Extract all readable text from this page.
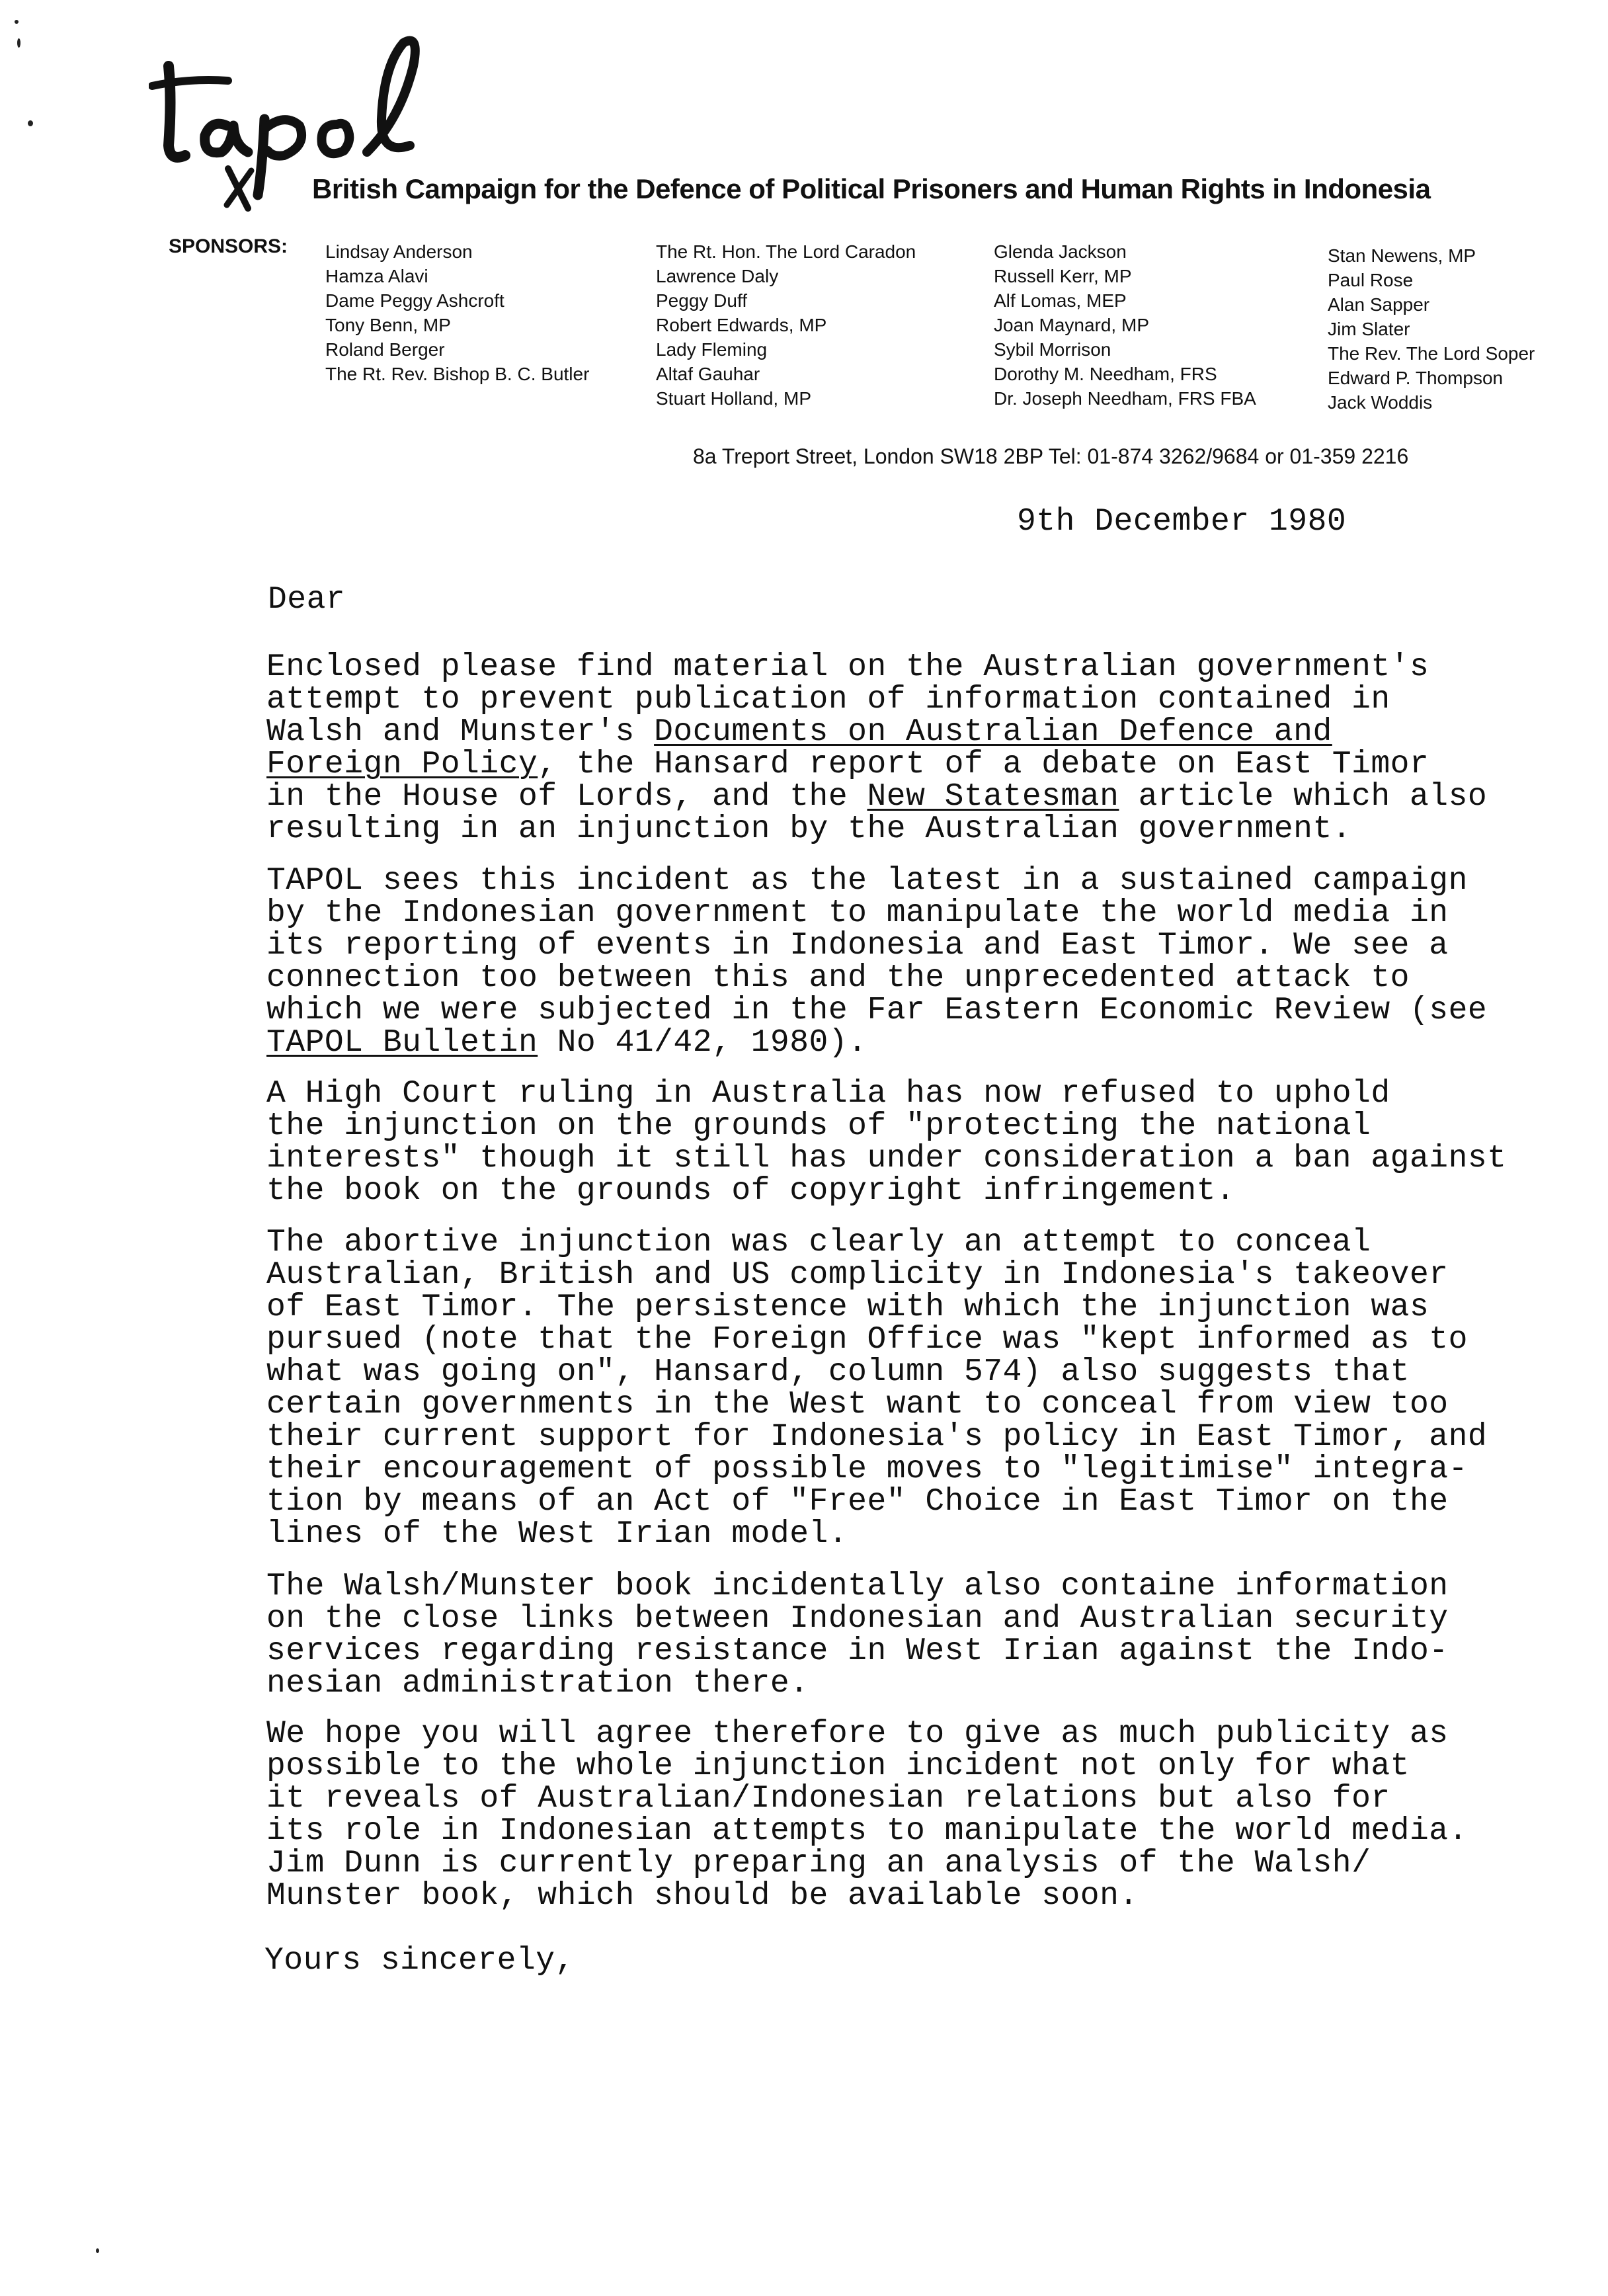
British Campaign for the Defence of Political Prisoners and Human Rights in Indonesia
SPONSORS: Lindsay Anderson
Hamza Alavi
Dame Peggy Ashcroft
Tony Benn, MP
Roland Berger
The Rt. Rev. Bishop B. C. Butler
The Rt. Hon. The Lord Caradon
Lawrence Daly
Peggy Duff
Robert Edwards, MP
Lady Fleming
Altaf Gauhar
Stuart Holland, MP
Glenda Jackson
Russell Kerr, MP
Alf Lomas, MEP
Joan Maynard, MP
Sybil Morrison
Dorothy M. Needham, FRS
Dr. Joseph Needham, FRS FBA
Stan Newens, MP
Paul Rose
Alan Sapper
Jim Slater
The Rev. The Lord Soper
Edward P. Thompson
Jack Woddis
8a Treport Street, London SW18 2BP Tel: 01-874 3262/9684 or 01-359 2216
9th December 1980
Dear
Enclosed please find material on the Australian government's
attempt to prevent publication of information contained in
Walsh and Munster's Documents on Australian Defence and
Foreign Policy, the Hansard report of a debate on East Timor
in the House of Lords, and the New Statesman article which also
resulting in an injunction by the Australian government.
TAPOL sees this incident as the latest in a sustained campaign
by the Indonesian government to manipulate the world media in
its reporting of events in Indonesia and East Timor. We see a
connection too between this and the unprecedented attack to
which we were subjected in the Far Eastern Economic Review (see
TAPOL Bulletin No 41/42, 1980).
A High Court ruling in Australia has now refused to uphold
the injunction on the grounds of "protecting the national
interests" though it still has under consideration a ban against
the book on the grounds of copyright infringement.
The abortive injunction was clearly an attempt to conceal
Australian, British and US complicity in Indonesia's takeover
of East Timor. The persistence with which the injunction was
pursued (note that the Foreign Office was "kept informed as to
what was going on", Hansard, column 574) also suggests that
certain governments in the West want to conceal from view too
their current support for Indonesia's policy in East Timor, and
their encouragement of possible moves to "legitimise" integra-
tion by means of an Act of "Free" Choice in East Timor on the
lines of the West Irian model.
The Walsh/Munster book incidentally also containe information
on the close links between Indonesian and Australian security
services regarding resistance in West Irian against the Indo-
nesian administration there.
We hope you will agree therefore to give as much publicity as
possible to the whole injunction incident not only for what
it reveals of Australian/Indonesian relations but also for
its role in Indonesian attempts to manipulate the world media.
Jim Dunn is currently preparing an analysis of the Walsh/
Munster book, which should be available soon.
Yours sincerely,
